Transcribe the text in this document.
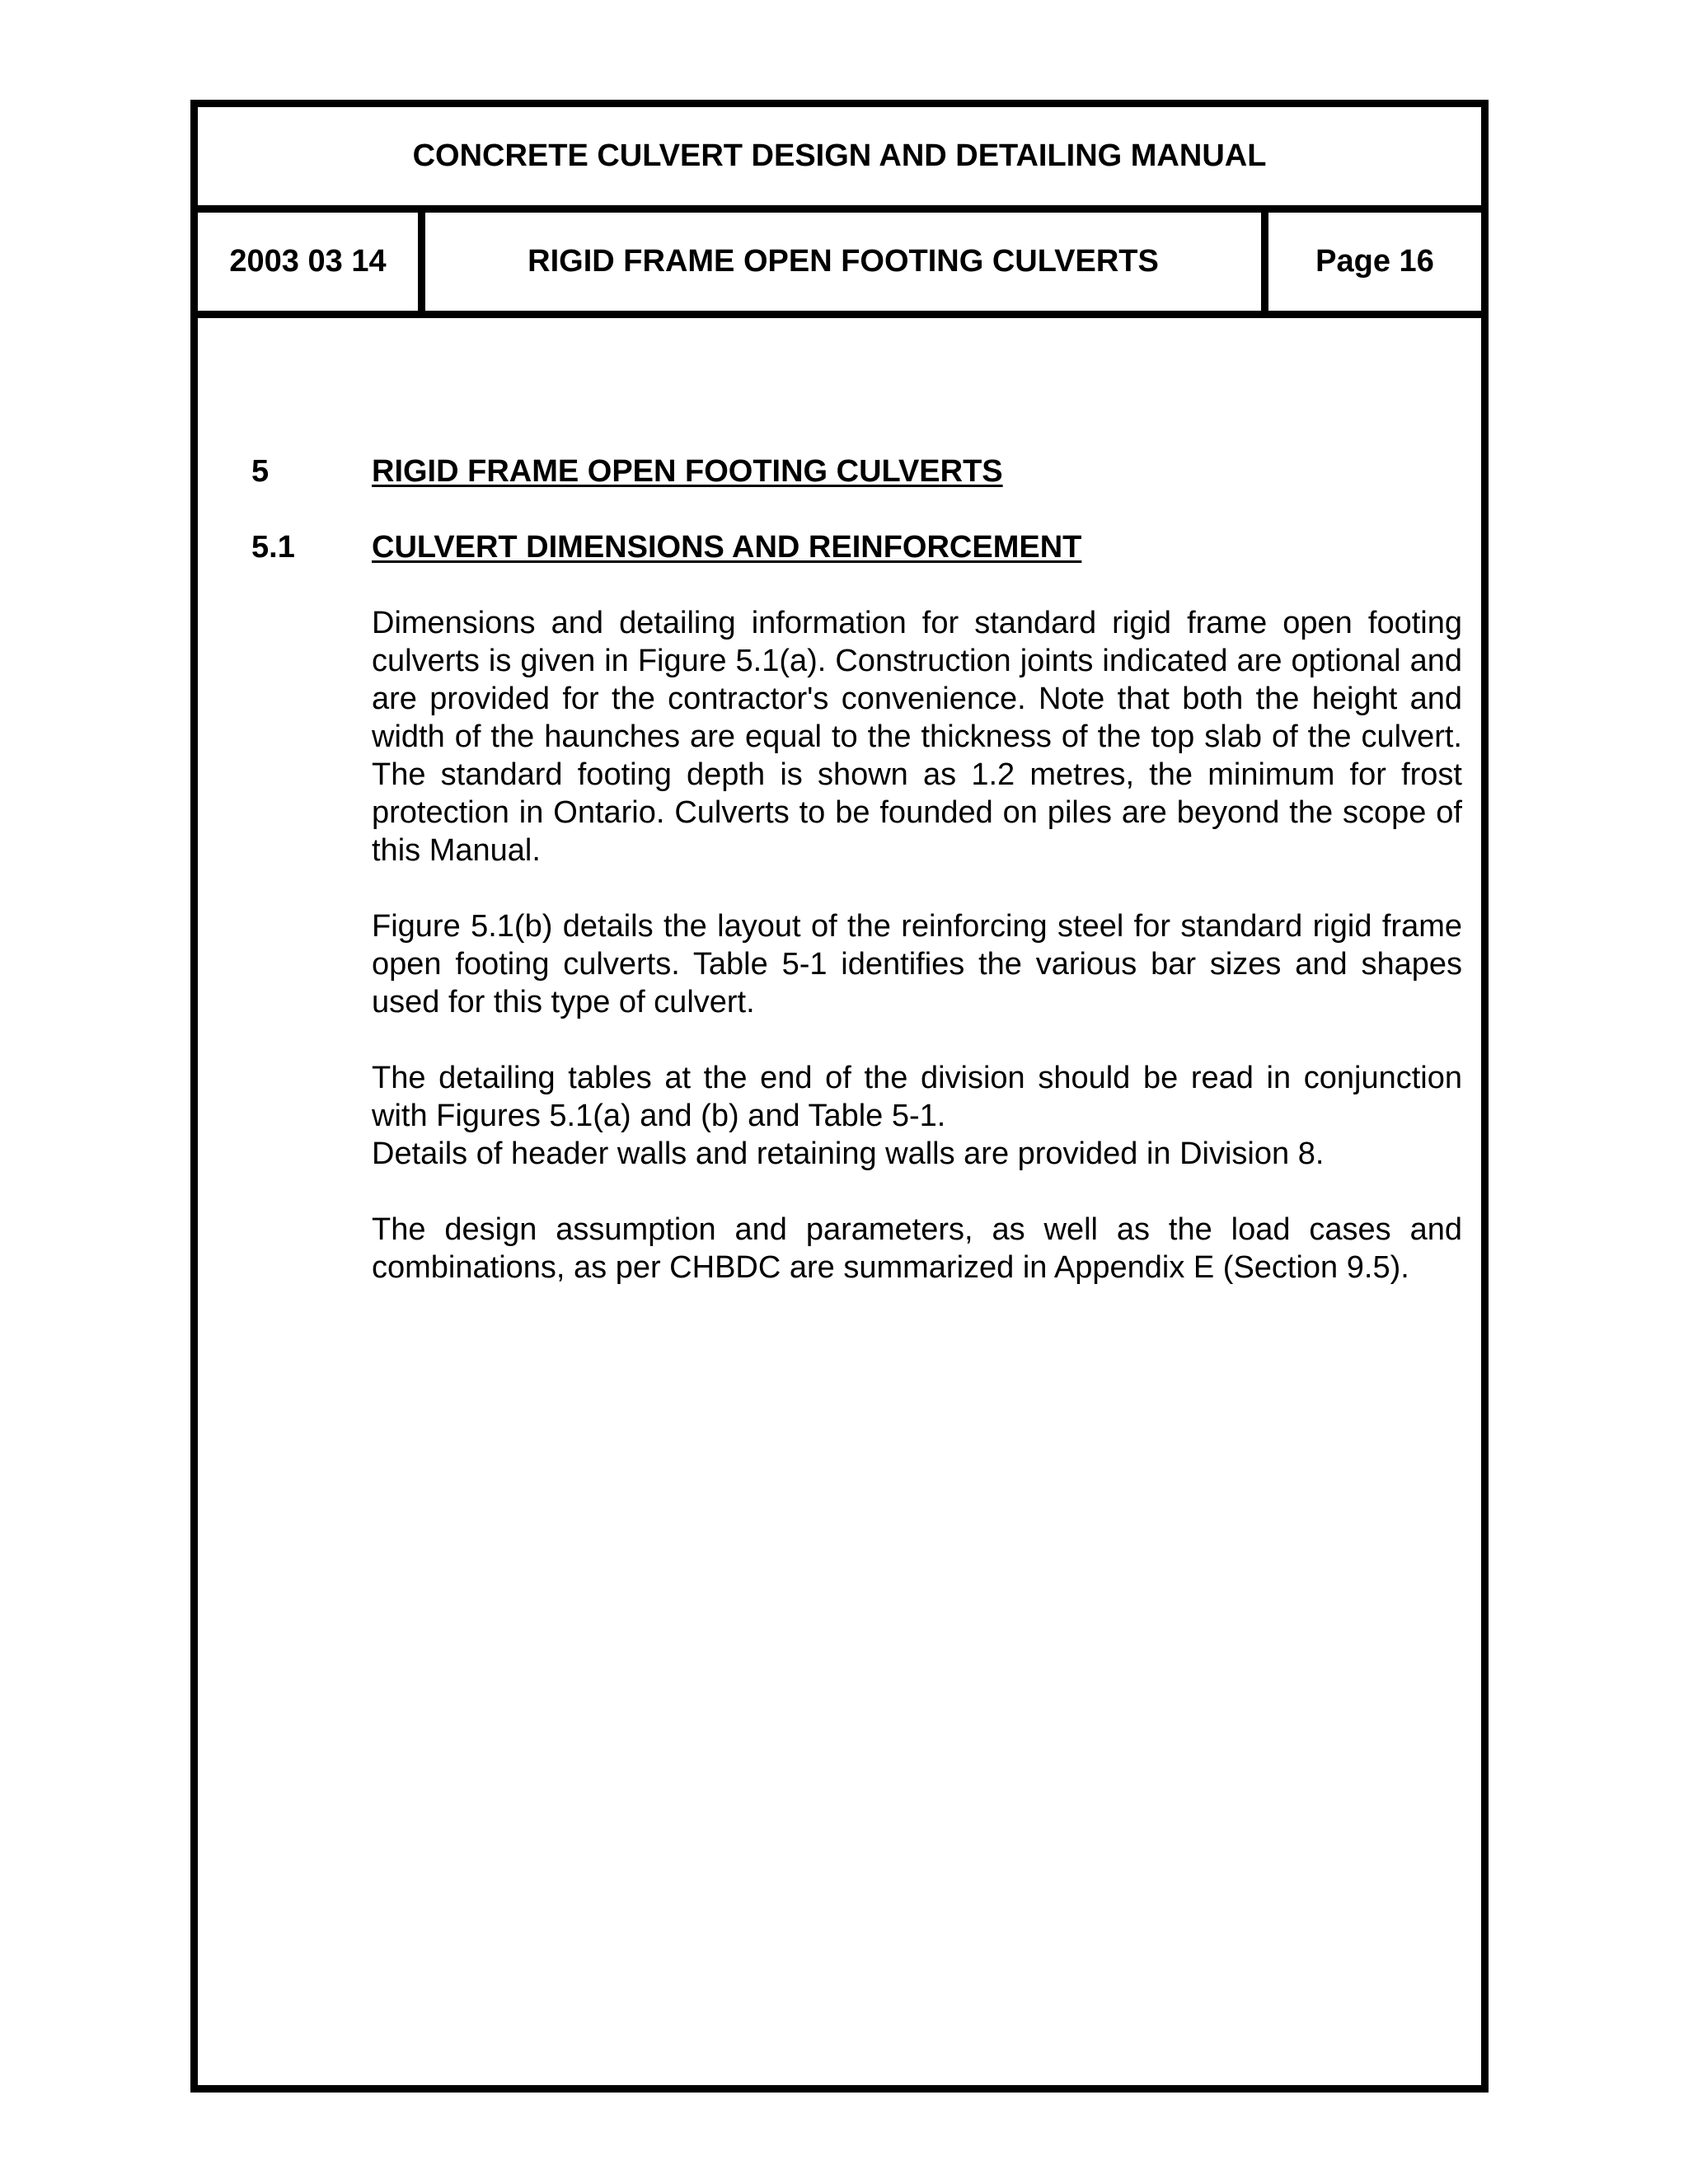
CONCRETE CULVERT DESIGN AND DETAILING MANUAL
2003 03 14	RIGID FRAME OPEN FOOTING CULVERTS	Page 16
5	RIGID FRAME OPEN FOOTING CULVERTS
5.1 CULVERT DIMENSIONS AND REINFORCEMENT

Dimensions and detailing information for standard rigid frame open footing culverts is given in Figure 5.1(a). Construction joints indicated are optional and are provided for the contractor's convenience. Note that both the height and width of the haunches are equal to the thickness of the top slab of the culvert. The standard footing depth is shown as 1.2 metres, the minimum for frost protection in Ontario. Culverts to be founded on piles are beyond the scope of this Manual.

Figure 5.1(b) details the layout of the reinforcing steel for standard rigid frame open footing culverts. Table 5-1 identifies the various bar sizes and shapes used for this type of culvert.

The detailing tables at the end of the division should be read in conjunction with Figures 5.1(a) and (b) and Table 5-1.

Details of header walls and retaining walls are provided in Division 8.

The design assumption and parameters, as well as the load cases and combinations, as per CHBDC are summarized in Appendix E (Section 9.5).
